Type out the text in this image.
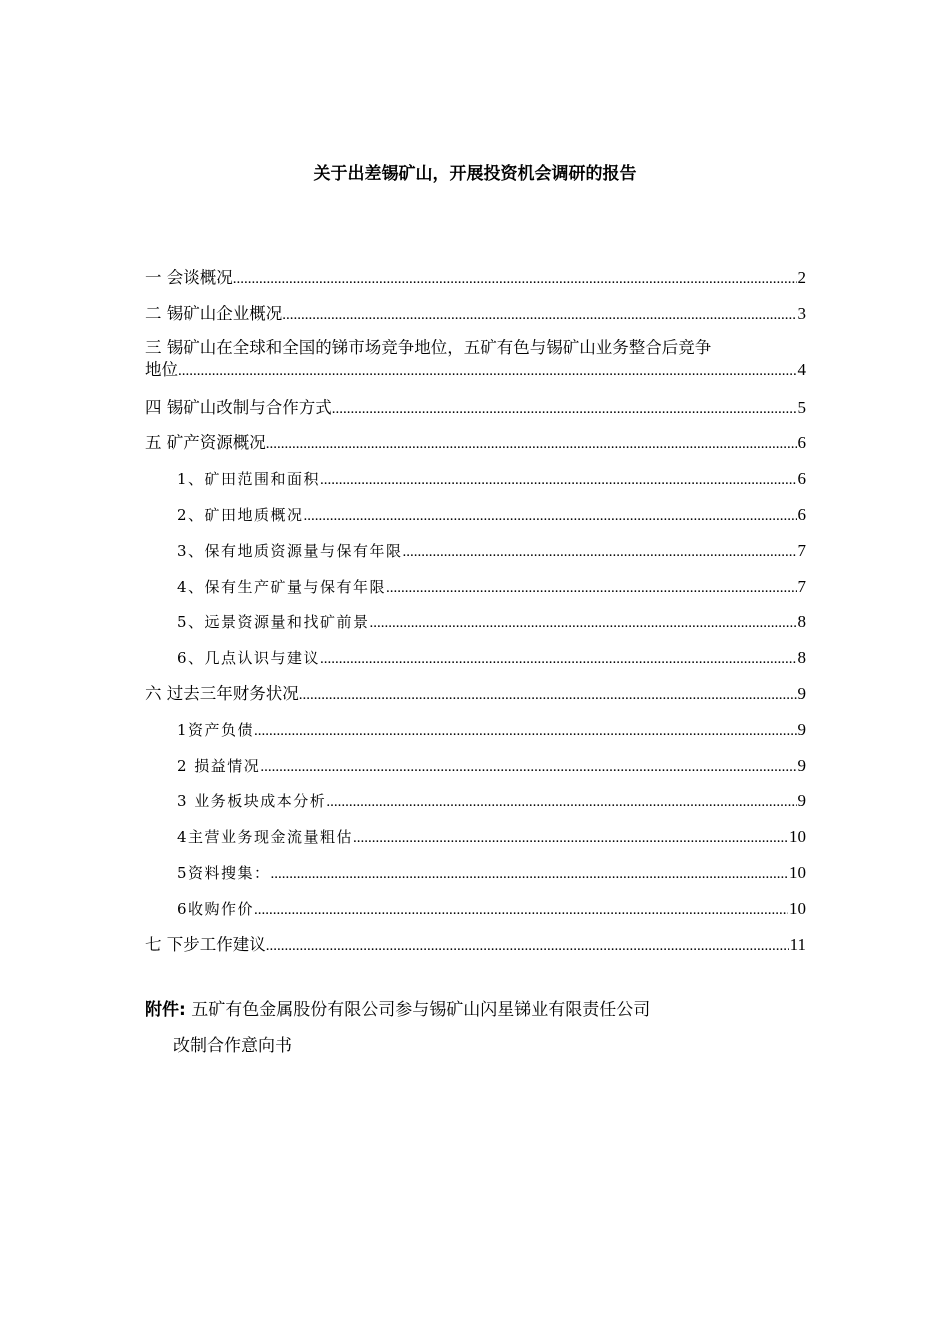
关于出差锡矿山，开展投资机会调研的报告
一 会谈概况 .....	2
二 锡矿山企业概况 .....	3
三 锡矿山在全球和全国的锑市场竞争地位，五矿有色与锡矿山业务整合后竞争
地位 .....	4
四 锡矿山改制与合作方式 .....	5
五 矿产资源概况 .....	6
1、矿田范围和面积 .....	6
2、矿田地质概况 .....	6
3、保有地质资源量与保有年限 .....	7
4、保有生产矿量与保有年限 .....	7
5、远景资源量和找矿前景 .....	8
6、几点认识与建议 .....	8
六 过去三年财务状况 .....	9
1资产负债 .....	9
2 损益情况 .....	9
3 业务板块成本分析 .....	9
4主营业务现金流量粗估 .....	10
5资料搜集： .....	10
6收购作价 .....	10
七 下步工作建议 .....	11
附件: 五矿有色金属股份有限公司参与锡矿山闪星锑业有限责任公司
改制合作意向书
